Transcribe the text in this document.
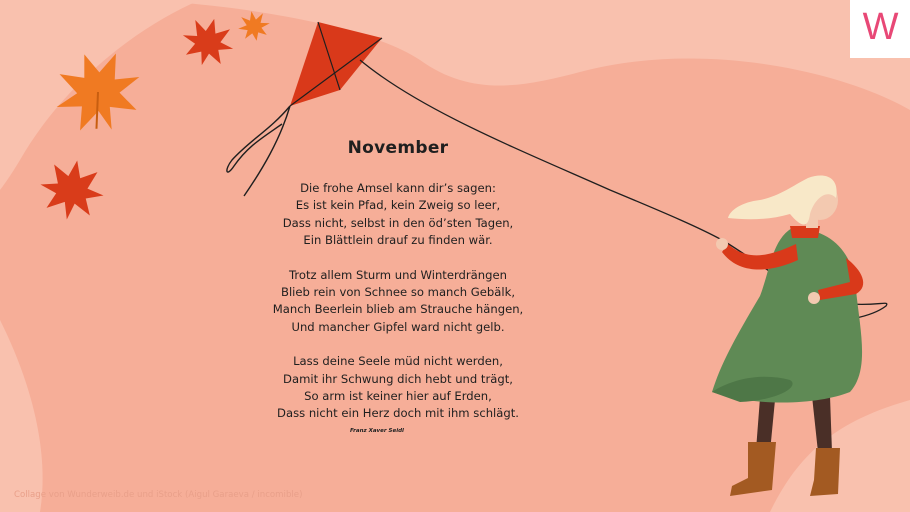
November
Die frohe Amsel kann dir’s sagen:
Es ist kein Pfad, kein Zweig so leer,
Dass nicht, selbst in den öd’sten Tagen,
Ein Blättlein drauf zu finden wär.
Trotz allem Sturm und Winterdrängen
Blieb rein von Schnee so manch Gebälk,
Manch Beerlein blieb am Strauche hängen,
Und mancher Gipfel ward nicht gelb.
Lass deine Seele müd nicht werden,
Damit ihr Schwung dich hebt und trägt,
So arm ist keiner hier auf Erden,
Dass nicht ein Herz doch mit ihm schlägt.
Franz Xaver Seidl
Collage von Wunderweib.de und iStock (Aigul Garaeva / incomible)
W
